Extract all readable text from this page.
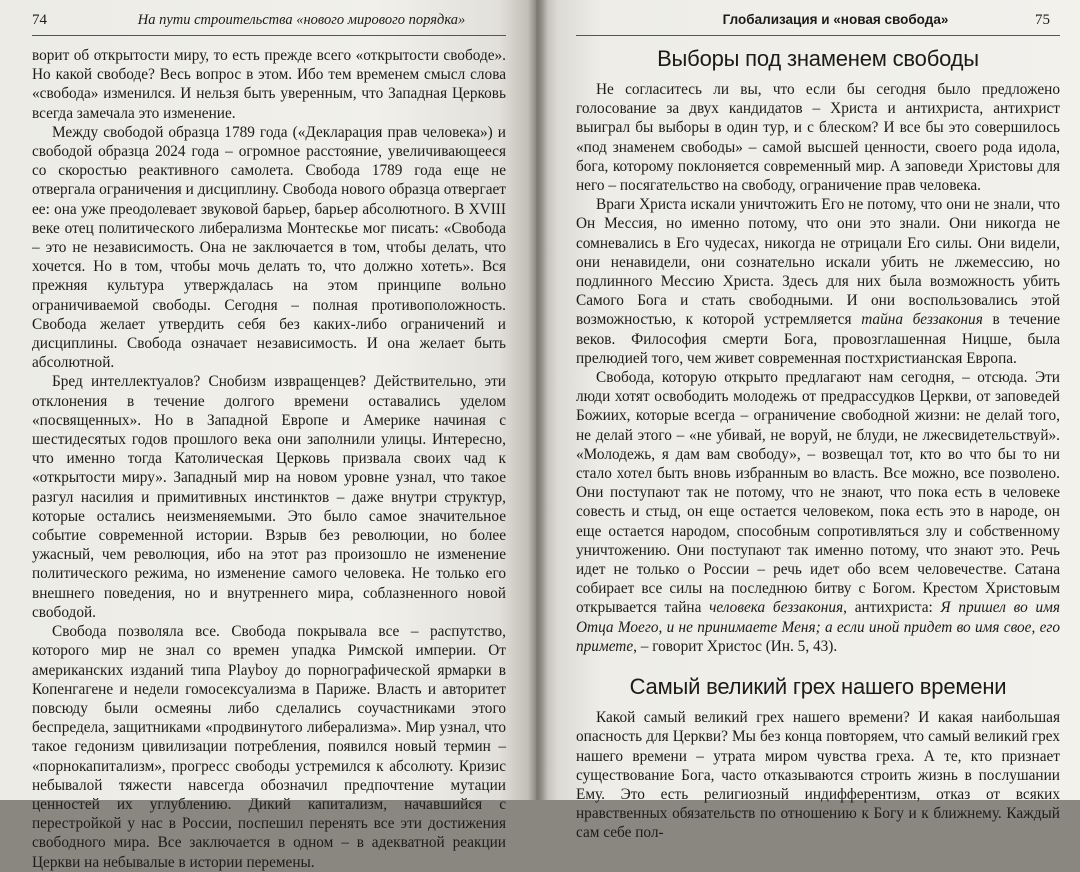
74	На пути строительства «нового мирового порядка»

ворит об открытости миру, то есть прежде всего «открытости свободе». Но какой свободе? Весь вопрос в этом. Ибо тем временем смысл слова «свобода» изменился. И нельзя быть уверенным, что Западная Церковь всегда замечала это изменение.

Между свободой образца 1789 года («Декларация прав человека») и свободой образца 2024 года – огромное расстояние, увеличивающееся со скоростью реактивного самолета. Свобода 1789 года еще не отвергала ограничения и дисциплину. Свобода нового образца отвергает ее: она уже преодолевает звуковой барьер, барьер абсолютного. В XVIII веке отец политического либерализма Монтескье мог писать: «Свобода – это не независимость. Она не заключается в том, чтобы делать, что хочется. Но в том, чтобы мочь делать то, что должно хотеть». Вся прежняя культура утверждалась на этом принципе вольно ограничиваемой свободы. Сегодня – полная противоположность. Свобода желает утвердить себя без каких-либо ограничений и дисциплины. Свобода означает независимость. И она желает быть абсолютной.

Бред интеллектуалов? Снобизм извращенцев? Действительно, эти отклонения в течение долгого времени оставались уделом «посвященных». Но в Западной Европе и Америке начиная с шестидесятых годов прошлого века они заполнили улицы. Интересно, что именно тогда Католическая Церковь призвала своих чад к «открытости миру». Западный мир на новом уровне узнал, что такое разгул насилия и примитивных инстинктов – даже внутри структур, которые остались неизменяемыми. Это было самое значительное событие современной истории. Взрыв без революции, но более ужасный, чем революция, ибо на этот раз произошло не изменение политического режима, но изменение самого человека. Не только его внешнего поведения, но и внутреннего мира, соблазненного новой свободой.

Свобода позволяла все. Свобода покрывала все – распутство, которого мир не знал со времен упадка Римской империи. От американских изданий типа Playboy до порнографической ярмарки в Копенгагене и недели гомосексуализма в Париже. Власть и авторитет повсюду были осмеяны либо сделались соучастниками этого беспредела, защитниками «продвинутого либерализма». Мир узнал, что такое гедонизм цивилизации потребления, появился новый термин – «порнокапитализм», прогресс свободы устремился к абсолюту. Кризис небывалой тяжести навсегда обозначил предпочтение мутации ценностей их углублению. Дикий капитализм, начавшийся с перестройкой у нас в России, поспешил перенять все эти достижения свободного мира. Все заключается в одном – в адекватной реакции Церкви на небывалые в истории перемены.

Глобализация и «новая свобода»	75
Выборы под знаменем свободы

Не согласитесь ли вы, что если бы сегодня было предложено голосование за двух кандидатов – Христа и антихриста, антихрист выиграл бы выборы в один тур, и с блеском? И все бы это совершилось «под знаменем свободы» – самой высшей ценности, своего рода идола, бога, которому поклоняется современный мир. А заповеди Христовы для него – посягательство на свободу, ограничение прав человека.

Враги Христа искали уничтожить Его не потому, что они не знали, что Он Мессия, но именно потому, что они это знали. Они никогда не сомневались в Его чудесах, никогда не отрицали Его силы. Они видели, они ненавидели, они сознательно искали убить не лжемессию, но подлинного Мессию Христа. Здесь для них была возможность убить Самого Бога и стать свободными. И они воспользовались этой возможностью, к которой устремляется тайна беззакония в течение веков. Философия смерти Бога, провозглашенная Ницше, была прелюдией того, чем живет современная постхристианская Европа.

Свобода, которую открыто предлагают нам сегодня, – отсюда. Эти люди хотят освободить молодежь от предрассудков Церкви, от заповедей Божиих, которые всегда – ограничение свободной жизни: не делай того, не делай этого – «не убивай, не воруй, не блуди, не лжесвидетельствуй». «Молодежь, я дам вам свободу», – возвещал тот, кто во что бы то ни стало хотел быть вновь избранным во власть. Все можно, все позволено. Они поступают так не потому, что не знают, что пока есть в человеке совесть и стыд, он еще остается человеком, пока есть это в народе, он еще остается народом, способным сопротивляться злу и собственному уничтожению. Они поступают так именно потому, что знают это. Речь идет не только о России – речь идет обо всем человечестве. Сатана собирает все силы на последнюю битву с Богом. Крестом Христовым открывается тайна человека беззакония, антихриста: Я пришел во имя Отца Моего, и не принимаете Меня; а если иной придет во имя свое, его примете, – говорит Христос (Ин. 5, 43).

Самый великий грех нашего времени

Какой самый великий грех нашего времени? И какая наибольшая опасность для Церкви? Мы без конца повторяем, что самый великий грех нашего времени – утрата миром чувства греха. А те, кто признает существование Бога, часто отказываются строить жизнь в послушании Ему. Это есть религиозный индифферентизм, отказ от всяких нравственных обязательств по отношению к Богу и к ближнему. Каждый сам себе пол-
